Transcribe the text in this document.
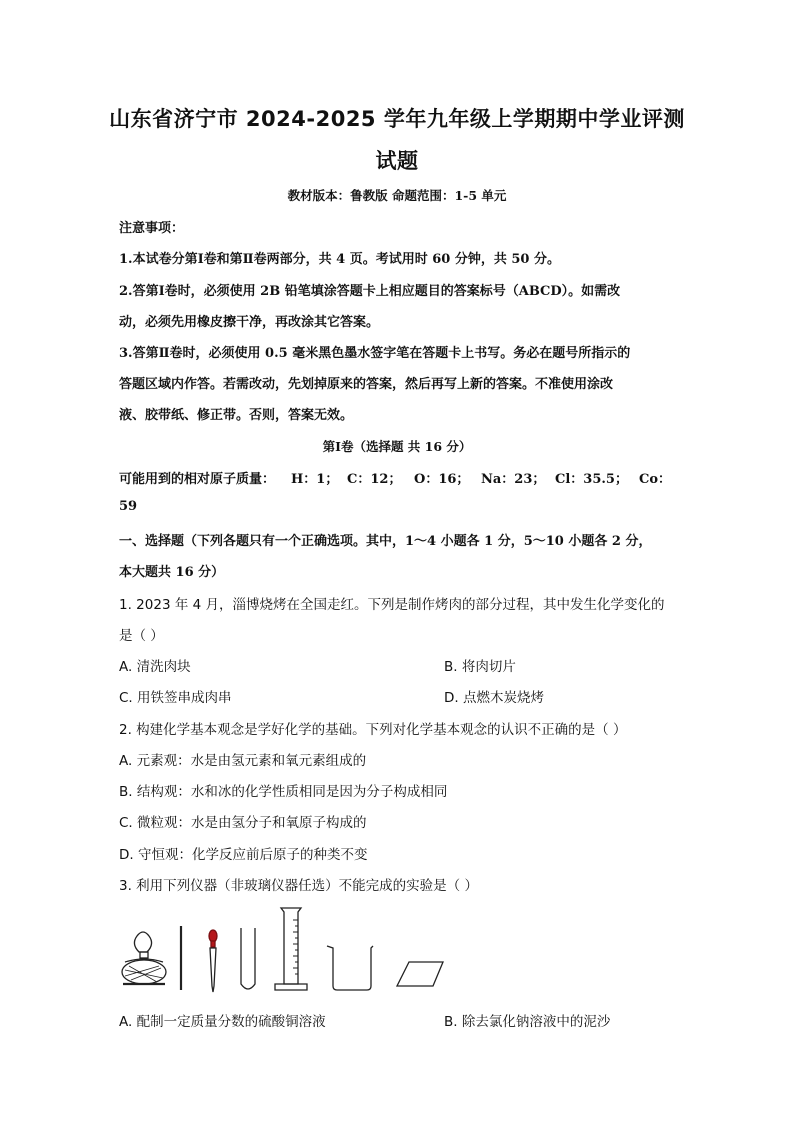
山东省济宁市 2024-2025 学年九年级上学期期中学业评测
试题
教材版本：鲁教版 命题范围：1-5 单元
注意事项：
1.本试卷分第Ⅰ卷和第Ⅱ卷两部分，共 4 页。考试用时 60 分钟，共 50 分。
2.答第Ⅰ卷时，必须使用 2B 铅笔填涂答题卡上相应题目的答案标号（ABCD）。如需改
动，必须先用橡皮擦干净，再改涂其它答案。
3.答第Ⅱ卷时，必须使用 0.5 毫米黑色墨水签字笔在答题卡上书写。务必在题号所指示的
答题区域内作答。若需改动，先划掉原来的答案，然后再写上新的答案。不准使用涂改
液、胶带纸、修正带。否则，答案无效。
第Ⅰ卷（选择题 共 16 分）
可能用到的相对原子质量： H：1； C：12； O：16； Na：23； Cl：35.5； Co：
59
一、选择题（下列各题只有一个正确选项。其中，1～4 小题各 1 分，5～10 小题各 2 分，
本大题共 16 分）
1. 2023 年 4 月，淄博烧烤在全国走红。下列是制作烤肉的部分过程，其中发生化学变化的
是（ ）
A. 清洗肉块	B. 将肉切片
C. 用铁签串成肉串	D. 点燃木炭烧烤
2. 构建化学基本观念是学好化学的基础。下列对化学基本观念的认识不正确的是（ ）
A. 元素观：水是由氢元素和氧元素组成的
B. 结构观：水和冰的化学性质相同是因为分子构成相同
C. 微粒观：水是由氢分子和氧原子构成的
D. 守恒观：化学反应前后原子的种类不变
3. 利用下列仪器（非玻璃仪器任选）不能完成的实验是（ ）
A. 配制一定质量分数的硫酸铜溶液	B. 除去氯化钠溶液中的泥沙
